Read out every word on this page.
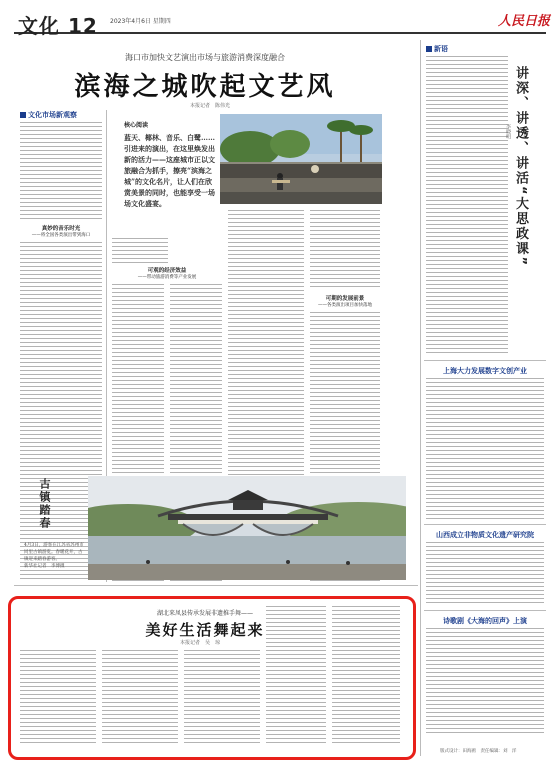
文化 12 2023年4月6日 星期四	人民日报
海口市加快文艺演出市场与旅游消费深度融合
滨海之城吹起文艺风
本报记者　陈伟光
文化市场新观察
真妙的音乐时光
——将全国各类演出带到海口
核心阅读
蓝天、椰林、音乐、白鹭……引进来的演出，在这里焕发出新的活力——这座城市正以文旅融合为抓手，擦亮“滨海之城”的文化名片，让人们在欣赏美景的同时，也能享受一场场文化盛宴。
可观的经济效益
——带动旅游消费等产业发展
可期的发展前景
——各类演出项目加快落地
新语
讲深、讲透、讲活“大思政课”
李晓明
上海大力发展数字文创产业
山西成立非物质文化遗产研究院
诗歌剧《大海的回声》上演
版式设计：田海鸥　责任编辑：刘　洋
古镇踏春
4月3日，游客在江苏省苏州市同里古镇游览。春暖花开，古镇迎来踏春游客。
新华社记者　李博摄
湖北来凤县传承发展非遗推手舞——
美好生活舞起来
本报记者　吴　琼
